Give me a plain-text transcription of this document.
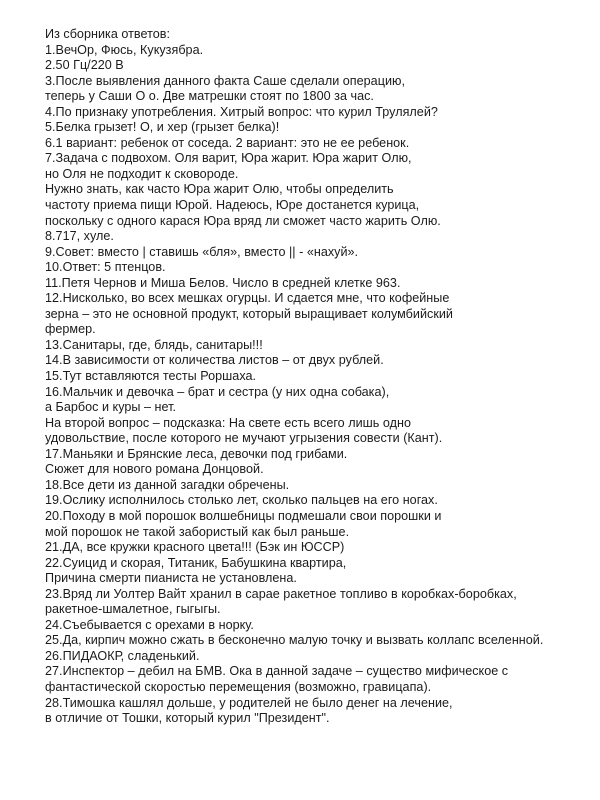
Из сборника ответов:
1.ВечОр, Фюсь, Кукузябра.
2.50 Гц/220 В
3.После выявления данного факта Саше сделали операцию,
теперь у Саши О о. Две матрешки стоят по 1800 за час.
4.По признаку употребления. Хитрый вопрос: что курил Трулялей?
5.Белка грызет! О, и хер (грызет белка)!
6.1 вариант: ребенок от соседа. 2 вариант: это не ее ребенок.
7.Задача с подвохом. Оля варит, Юра жарит. Юра жарит Олю,
но Оля не подходит к сковороде.
Нужно знать, как часто Юра жарит Олю, чтобы определить
частоту приема пищи Юрой. Надеюсь, Юре достанется курица,
поскольку с одного карася Юра вряд ли сможет часто жарить Олю.
8.717, хуле.
9.Совет: вместо | ставишь «бля», вместо || - «нахуй».
10.Ответ: 5 птенцов.
11.Петя Чернов и Миша Белов. Число в средней клетке 963.
12.Нисколько, во всех мешках огурцы. И сдается мне, что кофейные
зерна – это не основной продукт, который выращивает колумбийский
фермер.
13.Санитары, где, блядь, санитары!!!
14.В зависимости от количества листов – от двух рублей.
15.Тут вставляются тесты Роршаха.
16.Мальчик и девочка – брат и сестра (у них одна собака),
а Барбос и куры – нет.
На второй вопрос – подсказка: На свете есть всего лишь одно
удовольствие, после которого не мучают угрызения совести (Кант).
17.Маньяки и Брянские леса, девочки под грибами.
Сюжет для нового романа Донцовой.
18.Все дети из данной загадки обречены.
19.Ослику исполнилось столько лет, сколько пальцев на его ногах.
20.Походу в мой порошок волшебницы подмешали свои порошки и
мой порошок не такой забористый как был раньше.
21.ДА, все кружки красного цвета!!! (Бэк ин ЮССР)
22.Суицид и скорая, Титаник, Бабушкина квартира,
Причина смерти пианиста не установлена.
23.Вряд ли Уолтер Вайт хранил в сарае ракетное топливо в коробках-боробках,
ракетное-шмалетное, гыгыгы.
24.Съебывается с орехами в норку.
25.Да, кирпич можно сжать в бесконечно малую точку и вызвать коллапс вселенной.
26.ПИДАОКР, сладенький.
27.Инспектор – дебил на БМВ. Ока в данной задаче – существо мифическое с
фантастической скоростью перемещения (возможно, гравицапа).
28.Тимошка кашлял дольше, у родителей не было денег на лечение,
в отличие от Тошки, который курил "Президент".
